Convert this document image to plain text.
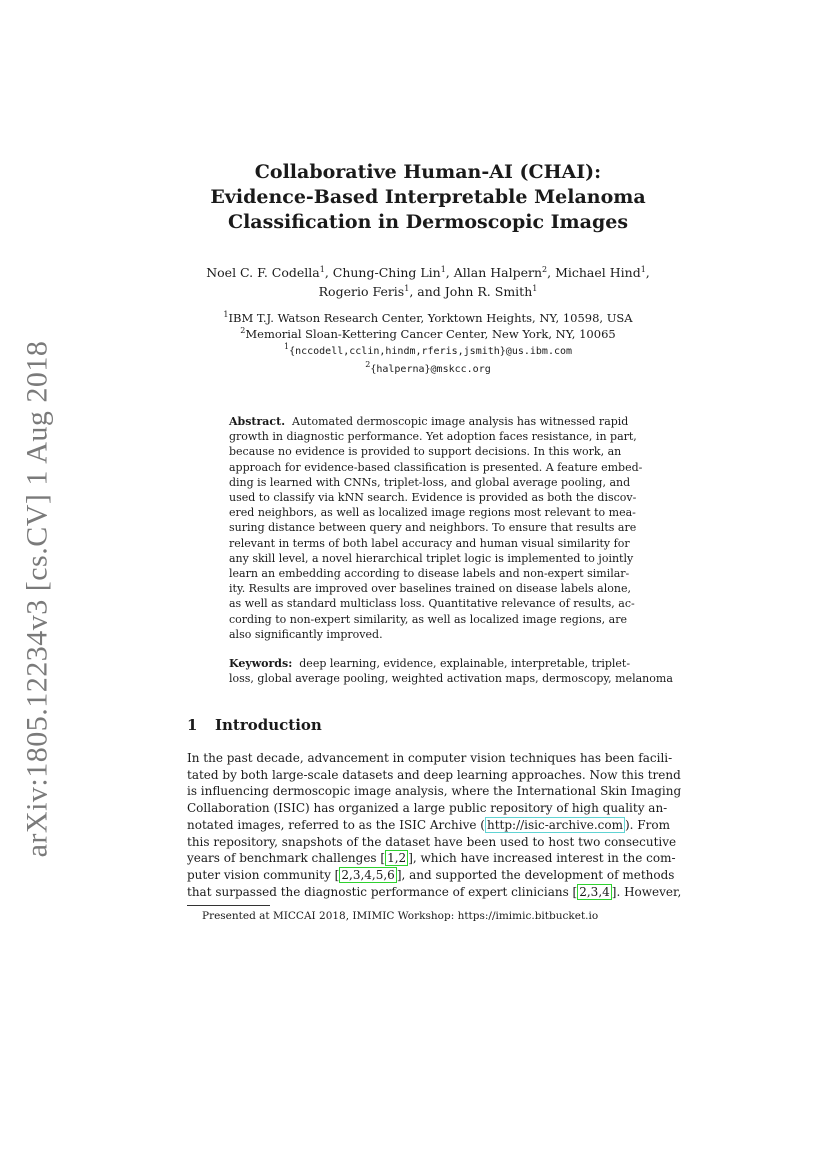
arXiv:1805.12234v3 [cs.CV] 1 Aug 2018
Collaborative Human-AI (CHAI):
Evidence-Based Interpretable Melanoma
Classification in Dermoscopic Images
Noel C. F. Codella$^1$, Chung-Ching Lin$^1$, Allan Halpern$^2$, Michael Hind$^1$,
Rogerio Feris$^1$, and John R. Smith$^1$
$^1$IBM T.J. Watson Research Center, Yorktown Heights, NY, 10598, USA
$^2$Memorial Sloan-Kettering Cancer Center, New York, NY, 10065
$^1${nccodell,cclin,hindm,rferis,jsmith}@us.ibm.com
$^2${halperna}@mskcc.org
Abstract. Automated dermoscopic image analysis has witnessed rapid
growth in diagnostic performance. Yet adoption faces resistance, in part,
because no evidence is provided to support decisions. In this work, an
approach for evidence-based classification is presented. A feature embed-
ding is learned with CNNs, triplet-loss, and global average pooling, and
used to classify via kNN search. Evidence is provided as both the discov-
ered neighbors, as well as localized image regions most relevant to mea-
suring distance between query and neighbors. To ensure that results are
relevant in terms of both label accuracy and human visual similarity for
any skill level, a novel hierarchical triplet logic is implemented to jointly
learn an embedding according to disease labels and non-expert similar-
ity. Results are improved over baselines trained on disease labels alone,
as well as standard multiclass loss. Quantitative relevance of results, ac-
cording to non-expert similarity, as well as localized image regions, are
also significantly improved.
Keywords: deep learning, evidence, explainable, interpretable, triplet-
loss, global average pooling, weighted activation maps, dermoscopy, melanoma
1 Introduction
In the past decade, advancement in computer vision techniques has been facili-
tated by both large-scale datasets and deep learning approaches. Now this trend
is influencing dermoscopic image analysis, where the International Skin Imaging
Collaboration (ISIC) has organized a large public repository of high quality an-
notated images, referred to as the ISIC Archive ( http://isic-archive.com ). From
this repository, snapshots of the dataset have been used to host two consecutive
years of benchmark challenges [ 1,2 ], which have increased interest in the com-
puter vision community [ 2,3,4,5,6 ], and supported the development of methods
that surpassed the diagnostic performance of expert clinicians [ 2,3,4 ]. However,
Presented at MICCAI 2018, IMIMIC Workshop: https://imimic.bitbucket.io
